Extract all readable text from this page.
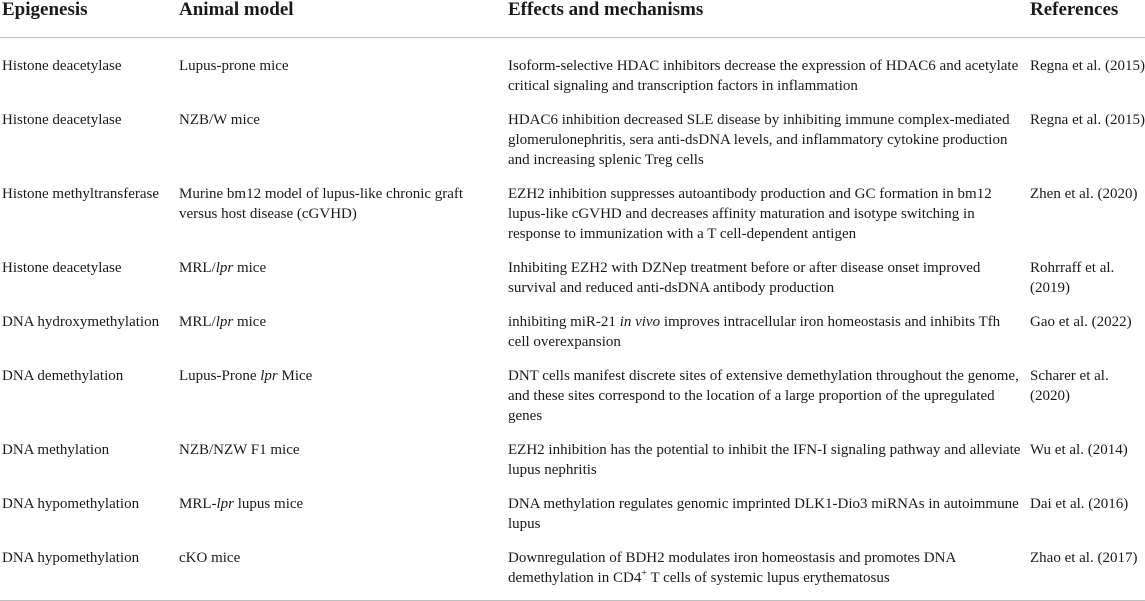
Epigenesis	Animal model	Effects and mechanisms	References
Histone deacetylase	Lupus-prone mice	Isoform-selective HDAC inhibitors decrease the expression of HDAC6 and acetylate critical signaling and transcription factors in inflammation	Regna et al. (2015)
Histone deacetylase	NZB/W mice	HDAC6 inhibition decreased SLE disease by inhibiting immune complex-mediated glomerulonephritis, sera anti-dsDNA levels, and inflammatory cytokine production and increasing splenic Treg cells	Regna et al. (2015)
Histone methyltransferase	Murine bm12 model of lupus-like chronic graft versus host disease (cGVHD)	EZH2 inhibition suppresses autoantibody production and GC formation in bm12 lupus-like cGVHD and decreases affinity maturation and isotype switching in response to immunization with a T cell-dependent antigen	Zhen et al. (2020)
Histone deacetylase	MRL/lpr mice	Inhibiting EZH2 with DZNep treatment before or after disease onset improved survival and reduced anti-dsDNA antibody production	Rohrraff et al. (2019)
DNA hydroxymethylation	MRL/lpr mice	inhibiting miR-21 in vivo improves intracellular iron homeostasis and inhibits Tfh cell overexpansion	Gao et al. (2022)
DNA demethylation	Lupus-Prone lpr Mice	DNT cells manifest discrete sites of extensive demethylation throughout the genome, and these sites correspond to the location of a large proportion of the upregulated genes	Scharer et al. (2020)
DNA methylation	NZB/NZW F1 mice	EZH2 inhibition has the potential to inhibit the IFN-I signaling pathway and alleviate lupus nephritis	Wu et al. (2014)
DNA hypomethylation	MRL-lpr lupus mice	DNA methylation regulates genomic imprinted DLK1-Dio3 miRNAs in autoimmune lupus	Dai et al. (2016)
DNA hypomethylation	cKO mice	Downregulation of BDH2 modulates iron homeostasis and promotes DNA demethylation in CD4+ T cells of systemic lupus erythematosus	Zhao et al. (2017)
